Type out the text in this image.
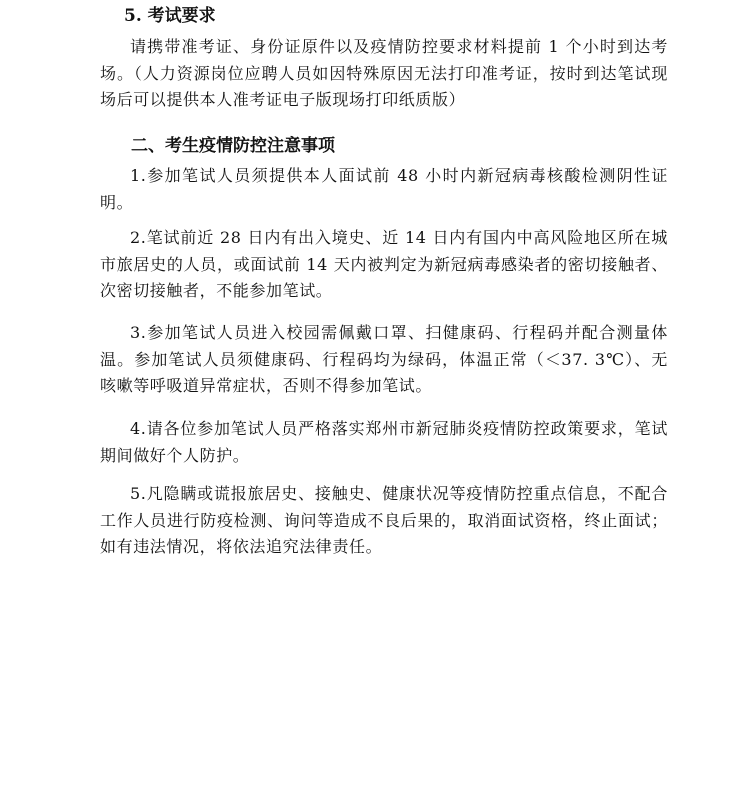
5. 考试要求

请携带准考证、身份证原件以及疫情防控要求材料提前 1 个小时到达考场。（人力资源岗位应聘人员如因特殊原因无法打印准考证，按时到达笔试现场后可以提供本人准考证电子版现场打印纸质版）

二、考生疫情防控注意事项

1.参加笔试人员须提供本人面试前 48 小时内新冠病毒核酸检测阴性证明。

2.笔试前近 28 日内有出入境史、近 14 日内有国内中高风险地区所在城市旅居史的人员，或面试前 14 天内被判定为新冠病毒感染者的密切接触者、次密切接触者，不能参加笔试。

3.参加笔试人员进入校园需佩戴口罩、扫健康码、行程码并配合测量体温。参加笔试人员须健康码、行程码均为绿码，体温正常（＜37. 3℃）、无咳嗽等呼吸道异常症状，否则不得参加笔试。

4.请各位参加笔试人员严格落实郑州市新冠肺炎疫情防控政策要求，笔试期间做好个人防护。

5.凡隐瞒或谎报旅居史、接触史、健康状况等疫情防控重点信息，不配合工作人员进行防疫检测、询问等造成不良后果的，取消面试资格，终止面试；如有违法情况，将依法追究法律责任。
